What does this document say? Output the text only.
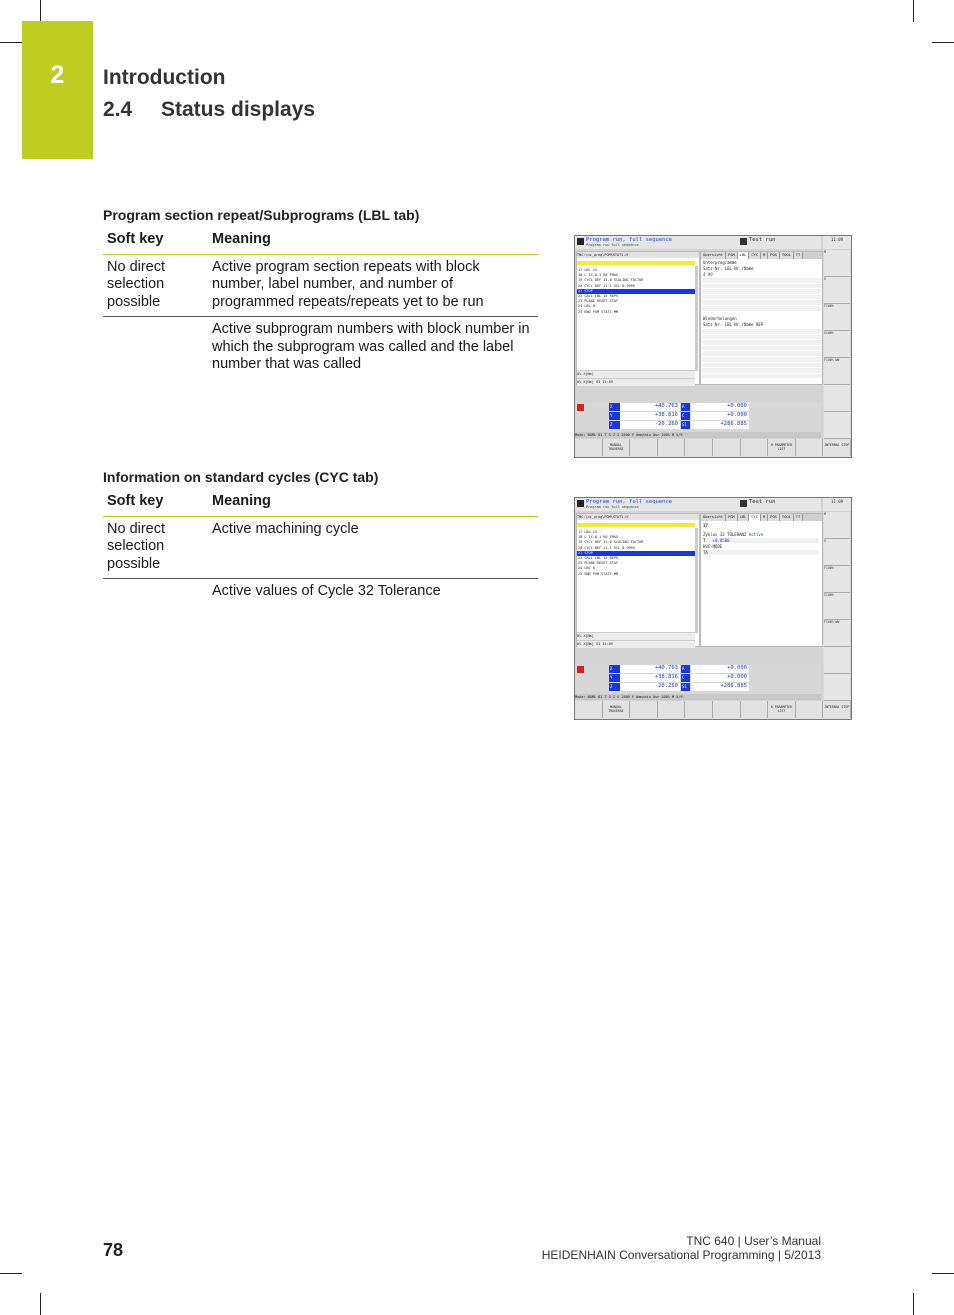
2	Introduction
2.4 Status displays
Program section repeat/Subprograms (LBL tab)
Soft key	Meaning
No direct selection possible	Active program section repeats with block number, label number, and number of programmed repeats/repeats yet to be run
	Active subprogram numbers with block number in which the subprogram was called and the label number that was called
Program run, full sequence
Program run full sequence
Test run	11:09
TNC:\nc_prog\PGM\STAT1.H
17 LBL 15
18 L IX-0.1 R0 FMAX
19 CYCL DEF 11.0 SCALING FACTOR
20 CYCL DEF 11.1 SCL 0.9995
21 STOP
22 CALL LBL 15 REP5
23 PLANE RESET STAY
24 LBL 0
25 END PGM STAT1 MM
0% X[Nm]
0% X[Nm] S1 11:09
Übersicht PGM LBL CYC M POS TOOL TT
Unterprogramme
Satz-Nr. LBL-Nr./Name
4 99
Wiederholungen
Satz-Nr. LBL-Nr./Name REP
X	+40.763	A	+0.000
Y	+38.816	C	+0.000
Z	-20.260	S1	+286.885
Mode: NOML B1 T 5 Z S 2500 F 0mm/min Ovr 100% M 5/9
M
S
F100%
S100%
F100% WW
MANUAL TRAVERSE
0 PARAMETER LIST
INTERNAL STOP
Information on standard cycles (CYC tab)
Soft key	Meaning
No direct selection possible	Active machining cycle
	Active values of Cycle 32 Tolerance
Program run, full sequence
Program run full sequence
Test run	11:09
TNC:\nc_prog\PGM\STAT1.H
17 LBL 15
18 L IX-0.1 R0 FMAX
19 CYCL DEF 11.0 SCALING FACTOR
20 CYCL DEF 11.1 SCL 0.9995
21 STOP
22 CALL LBL 15 REP5
23 PLANE RESET STAY
24 LBL 0
25 END PGM STAT1 MM
0% X[Nm]
0% X[Nm] S1 11:09
Übersicht PGM LBL CYC M POS TOOL TT
17
Zyklus 32 TOLERANZ Active
T +0.0500
HSC-MODE
TA
X	+40.763	A	+0.000
Y	+38.816	C	+0.000
Z	-20.260	S1	+286.885
Mode: NOML B1 T 5 Z S 2500 F 0mm/min Ovr 100% M 5/9
M
S
F100%
S100%
F100% WW
MANUAL TRAVERSE
0 PARAMETER LIST
INTERNAL STOP
78	TNC 640 | User’s Manual
HEIDENHAIN Conversational Programming | 5/2013
